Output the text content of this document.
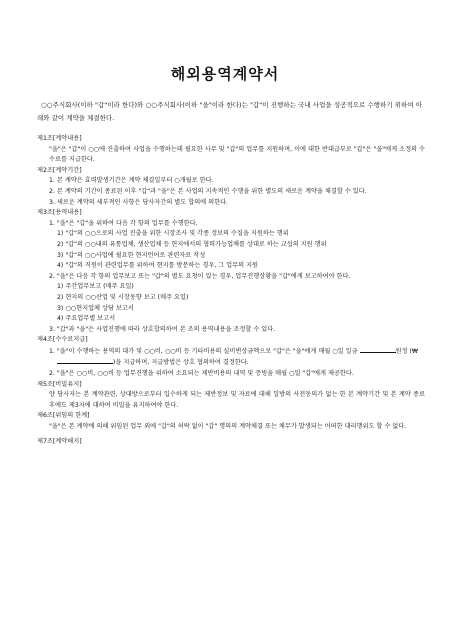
해외용역계약서
○○주식회사(이하 "갑"이라 한다)와 ○○주식회사(이하 "을"이라 한다)는 "갑"이 진행하는 국내 사업을 성공적으로 수행하기 위하여 아래와 같이 계약을 체결한다.
제1조[계약내용]
"을"은 "갑"이 ○○에 진출하여 사업을 수행하는데 필요한 사무 및 "갑"의 업무를 지원하며, 이에 대한 반대급부로 "갑"은 "을"에게 소정의 수수료를 지급한다.
제2조[계약기간]
1. 본 계약은 효력발생기간은 계약 체결일부터 ○개월로 한다.
2. 본 계약의 기간이 종료된 이후 "갑"과 "을"은 본 사업의 지속적인 수행을 위한 별도의 새로운 계약을 체결할 수 있다.
3. 새로운 계약의 세부적인 사항은 당사자간의 별도 합의에 의한다.
제3조[용역내용]
1. "을"은 "갑"을 위하여 다음 각 항의 업무를 수행한다.
1) "갑"의 ○○으로의 사업 진출을 위한 시장조사 및 각종 정보의 수집을 지원하는 행위
2) "갑"의 ○○내의 유통업체, 생산업체 등 현지에서의 협력가능업체를 상대로 하는 교섭의 지원 행위
3) "갑"의 ○○사업에 필요한 현지언어로 관련자료 작성
4) "갑"의 직원이 관련업무를 위하여 현지를 방문하는 경우, 그 업무의 지원
2. "을"은 다음 각 항의 업무보고 또는 "갑"의 별도 요청이 있는 경우, 업무진행상황을 "갑"에게 보고하여야 한다.
1) 주간업무보고 (매주 요일)
2) 현지의 ○○산업 및 시장동향 보고 (매주 요일)
3) ○○현지업체 상담 보고서
4) 주요업무별 보고서
3. "갑"과 "을"은 사업진행에 따라 상호합의하여 본 조의 용역내용을 조정할 수 있다.
제4조[수수료지급]
1. "을"이 수행하는 용역의 대가 및 ○○비, ○○비 등 기타비용의 실비변상금액으로 "갑"은 "을"에게 매월 ○일 일금	원정 (₩)을 지급하며, 지급방법은 상호 협의하여 결정한다.
2. "을"은 ○○비, ○○비 등 업무진행을 위하여 소요되는 제반비용의 내역 및 증빙을 매월 ○일 "갑"에게 제공한다.
제5조[비밀유지]
양 당사자는 본 계약관련, 상대방으로부터 입수하게 되는 제반정보 및 자료에 대해 일방의 사전동의가 없는 한 본 계약기간 및 본 계약 종료 후에도 제3자에 대하여 비밀을 유지하여야 한다.
제6조[위임의 한계]
"을"은 본 계약에 의해 위임된 업무 외에 "갑"의 허락 없이 "갑" 명의의 계약체결 또는 채무가 발생되는 어떠한 대리행위도 할 수 없다.
제7조[계약해지]
